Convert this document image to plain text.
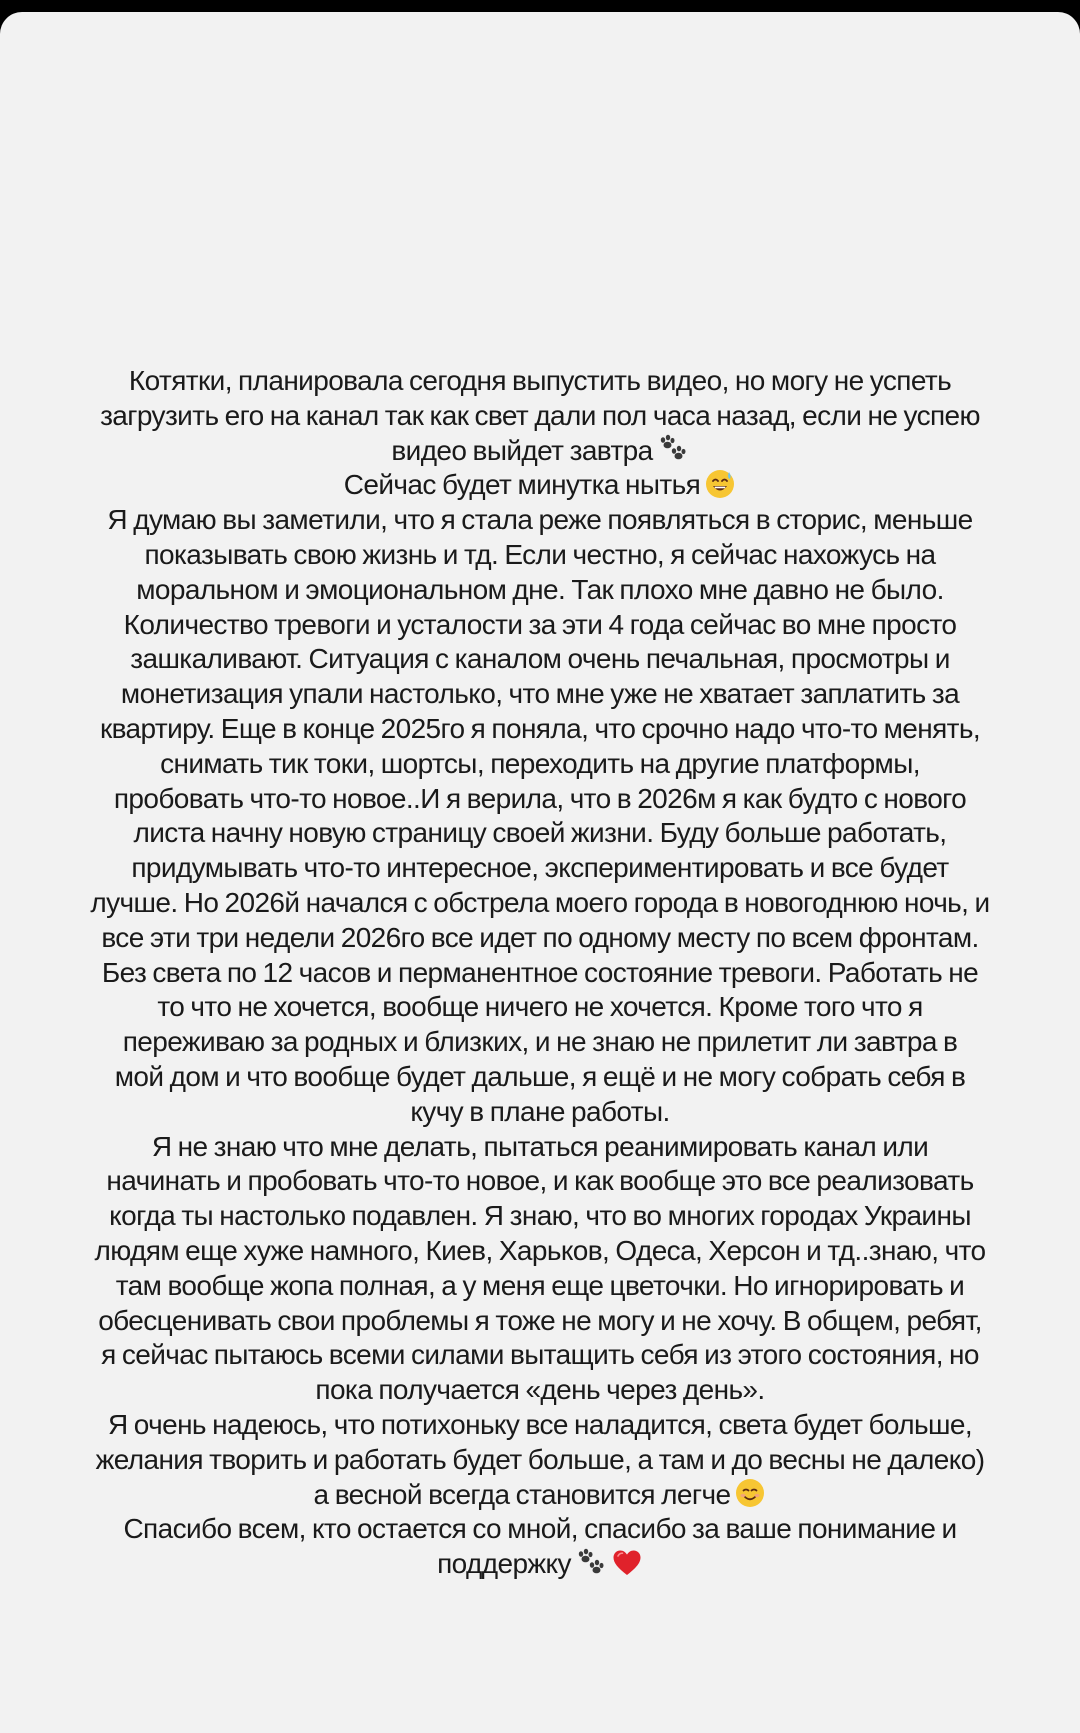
Котятки, планировала сегодня выпустить видео, но могу не успеть
загрузить его на канал так как свет дали пол часа назад, если не успею
видео выйдет завтра
Сейчас будет минутка нытья
Я думаю вы заметили, что я стала реже появляться в сторис, меньше
показывать свою жизнь и тд. Если честно, я сейчас нахожусь на
моральном и эмоциональном дне. Так плохо мне давно не было.
Количество тревоги и усталости за эти 4 года сейчас во мне просто
зашкаливают. Ситуация с каналом очень печальная, просмотры и
монетизация упали настолько, что мне уже не хватает заплатить за
квартиру. Еще в конце 2025го я поняла, что срочно надо что-то менять,
снимать тик токи, шортсы, переходить на другие платформы,
пробовать что-то новое..И я верила, что в 2026м я как будто с нового
листа начну новую страницу своей жизни. Буду больше работать,
придумывать что-то интересное, экспериментировать и все будет
лучше. Но 2026й начался с обстрела моего города в новогоднюю ночь, и
все эти три недели 2026го все идет по одному месту по всем фронтам.
Без света по 12 часов и перманентное состояние тревоги. Работать не
то что не хочется, вообще ничего не хочется. Кроме того что я
переживаю за родных и близких, и не знаю не прилетит ли завтра в
мой дом и что вообще будет дальше, я ещё и не могу собрать себя в
кучу в плане работы.
Я не знаю что мне делать, пытаться реанимировать канал или
начинать и пробовать что-то новое, и как вообще это все реализовать
когда ты настолько подавлен. Я знаю, что во многих городах Украины
людям еще хуже намного, Киев, Харьков, Одеса, Херсон и тд..знаю, что
там вообще жопа полная, а у меня еще цветочки. Но игнорировать и
обесценивать свои проблемы я тоже не могу и не хочу. В общем, ребят,
я сейчас пытаюсь всеми силами вытащить себя из этого состояния, но
пока получается «день через день».
Я очень надеюсь, что потихоньку все наладится, света будет больше,
желания творить и работать будет больше, а там и до весны не далеко)
а весной всегда становится легче
Спасибо всем, кто остается со мной, спасибо за ваше понимание и
поддержку
